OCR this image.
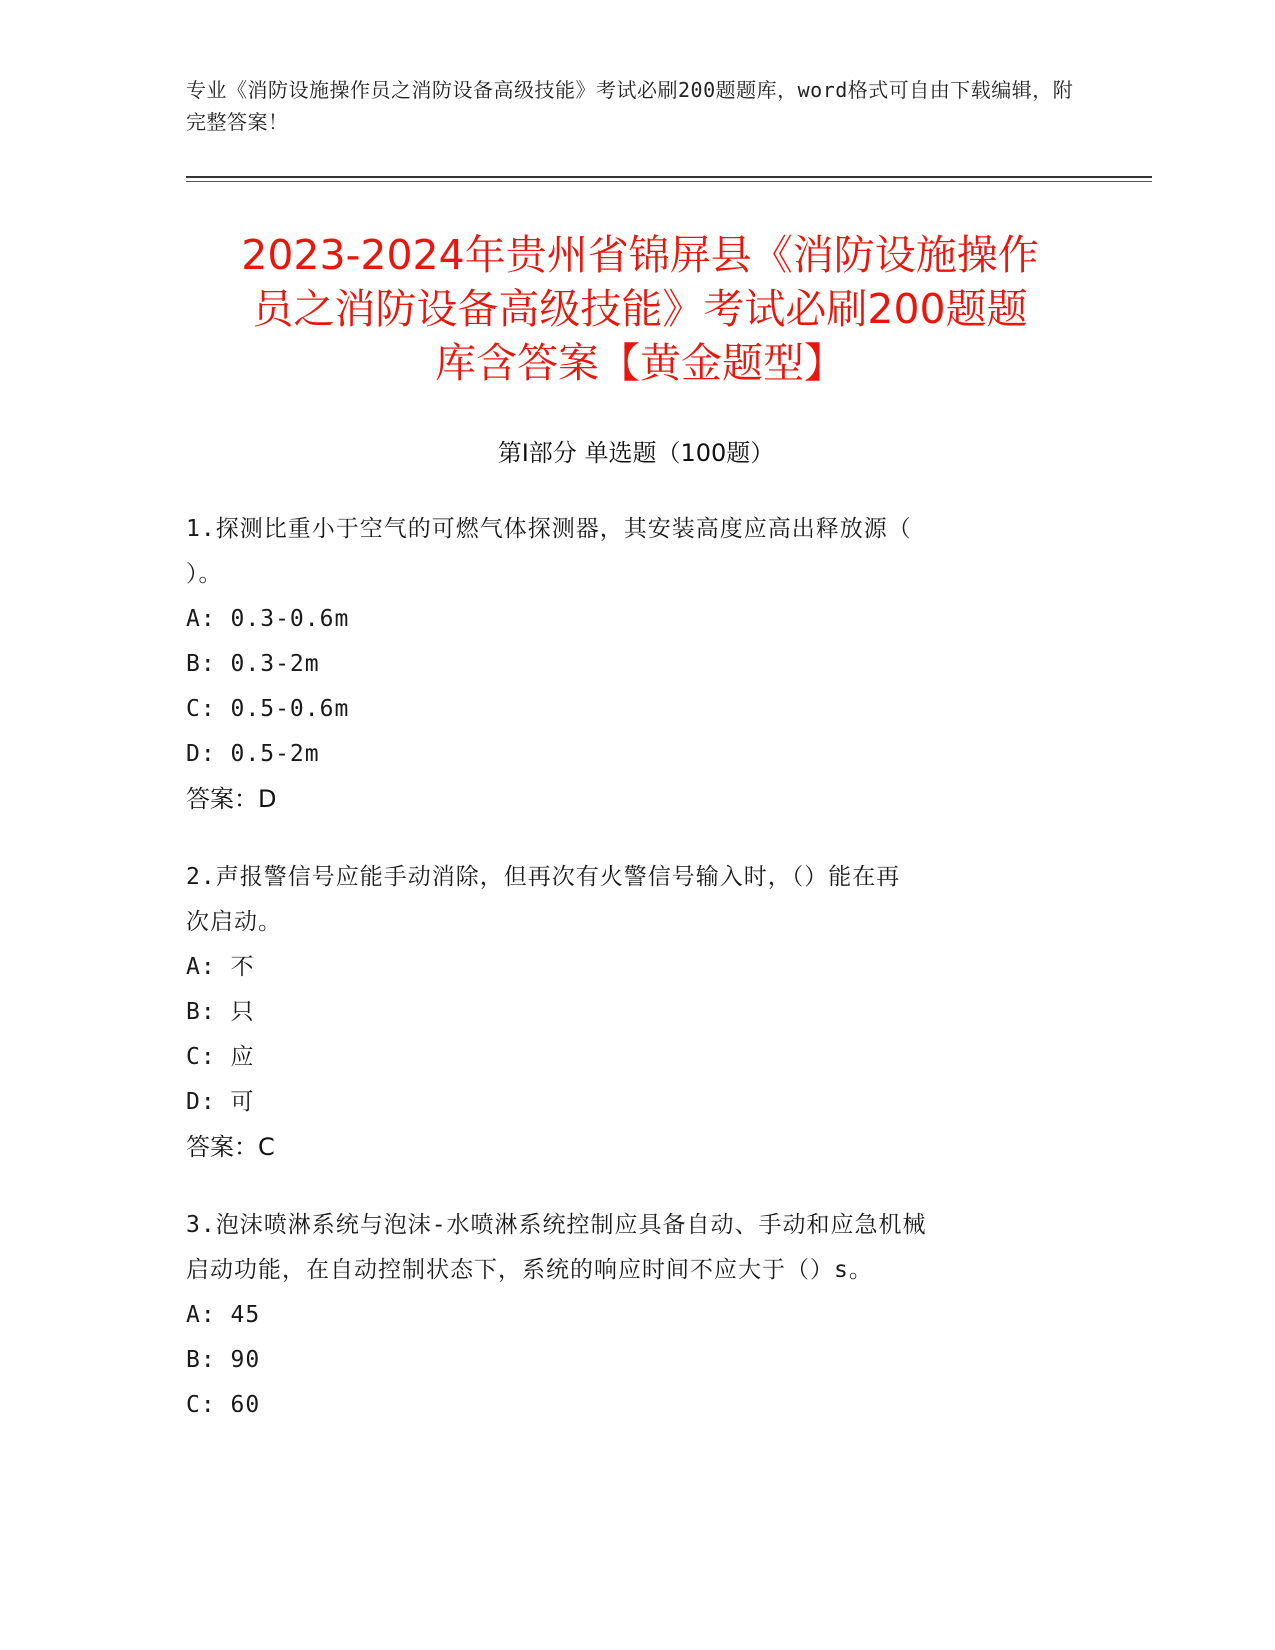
专业《消防设施操作员之消防设备高级技能》考试必刷200题题库，word格式可自由下载编辑，附完整答案！
2023-2024年贵州省锦屏县《消防设施操作
员之消防设备高级技能》考试必刷200题题
库含答案【黄金题型】
第I部分 单选题（100题）
1.探测比重小于空气的可燃气体探测器，其安装高度应高出释放源（
）。
A: 0.3-0.6m
B: 0.3-2m
C: 0.5-0.6m
D: 0.5-2m
答案：D
2.声报警信号应能手动消除，但再次有火警信号输入时，（）能在再
次启动。
A: 不
B: 只
C: 应
D: 可
答案：C
3.泡沫喷淋系统与泡沫-水喷淋系统控制应具备自动、手动和应急机械
启动功能，在自动控制状态下，系统的响应时间不应大于（）s。
A: 45
B: 90
C: 60
